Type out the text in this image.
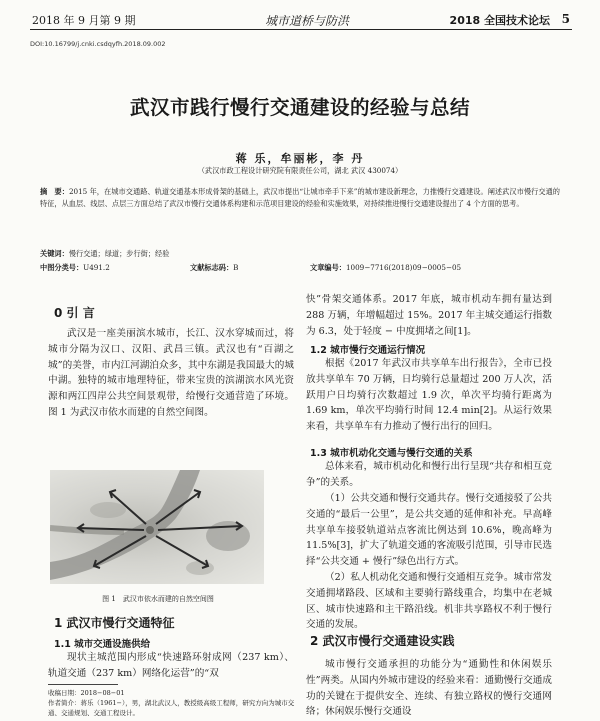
2018 年 9 月第 9 期	城市道桥与防洪	2018 全国技术论坛 5
DOI:10.16799/j.cnki.csdqyfh.2018.09.002
武汉市践行慢行交通建设的经验与总结
蒋 乐，牟丽彬，李 丹
（武汉市政工程设计研究院有限责任公司，湖北 武汉 430074）
摘　要：2015 年，在城市交通路、轨道交通基本形成骨架的基础上，武汉市提出“让城市牵手下来”的城市建设新理念，力推慢行交通建设。阐述武汉市慢行交通的特征，从血层、线层、点层三方面总结了武汉市慢行交通体系构建和示范项目建设的经验和实施效果，对持续推进慢行交通建设提出了 4 个方面的思考。
关键词：慢行交通；绿道；步行街；经验
中图分类号：U491.2	文献标志码：B	文章编号：1009−7716(2018)09−0005−05
0 引 言
武汉是一座美丽滨水城市，长江、汉水穿城而过，将城市分隔为汉口、汉阳、武昌三镇。武汉也有“百湖之城”的美誉，市内江河湖泊众多，其中东湖是我国最大的城中湖。独特的城市地理特征，带来宝贵的滨湖滨水风光资源和两江四岸公共空间景观带，给慢行交通营造了环境。图 1 为武汉市依水而建的自然空间图。
图 1　武汉市依水而建的自然空间图
1 武汉市慢行交通特征
1.1 城市交通设施供给
现状主城范围内形成“快速路环射成网（237 km）、轨道交通（237 km）网络化运营”的“双
收稿日期：2018−08−01
作者简介：蒋乐（1961−），男，湖北武汉人，教授级高级工程师，研究方向为城市交通、交通规划、交通工程设计。
快”骨架交通体系。2017 年底，城市机动车拥有量达到 288 万辆，年增幅超过 15%。2017 年主城交通运行指数为 6.3，处于轻度 − 中度拥堵之间[1]。
1.2 城市慢行交通运行情况
根据《2017 年武汉市共享单车出行报告》，全市已投放共享单车 70 万辆，日均骑行总量超过 200 万人次，活跃用户日均骑行次数超过 1.9 次，单次平均骑行距离为 1.69 km，单次平均骑行时间 12.4 min[2]。从运行效果来看，共享单车有力推动了慢行出行的回归。
1.3 城市机动化交通与慢行交通的关系
总体来看，城市机动化和慢行出行呈现“共存和相互竞争”的关系。
（1）公共交通和慢行交通共存。慢行交通接驳了公共交通的“最后一公里”，是公共交通的延伸和补充。早高峰共享单车接驳轨道站点客流比例达到 10.6%，晚高峰为 11.5%[3]，扩大了轨道交通的客流吸引范围，引导市民选择“公共交通 + 慢行”绿色出行方式。
（2）私人机动化交通和慢行交通相互竞争。城市常发交通拥堵路段、区域和主要骑行路线重合，均集中在老城区、城市快速路和主干路沿线。机非共享路权不利于慢行交通的发展。
2 武汉市慢行交通建设实践
城市慢行交通承担的功能分为“通勤性和休闲娱乐性”两类。从国内外城市建设的经验来看：通勤慢行交通成功的关键在于提供安全、连续、有独立路权的慢行交通网络；休闲娱乐慢行交通设
